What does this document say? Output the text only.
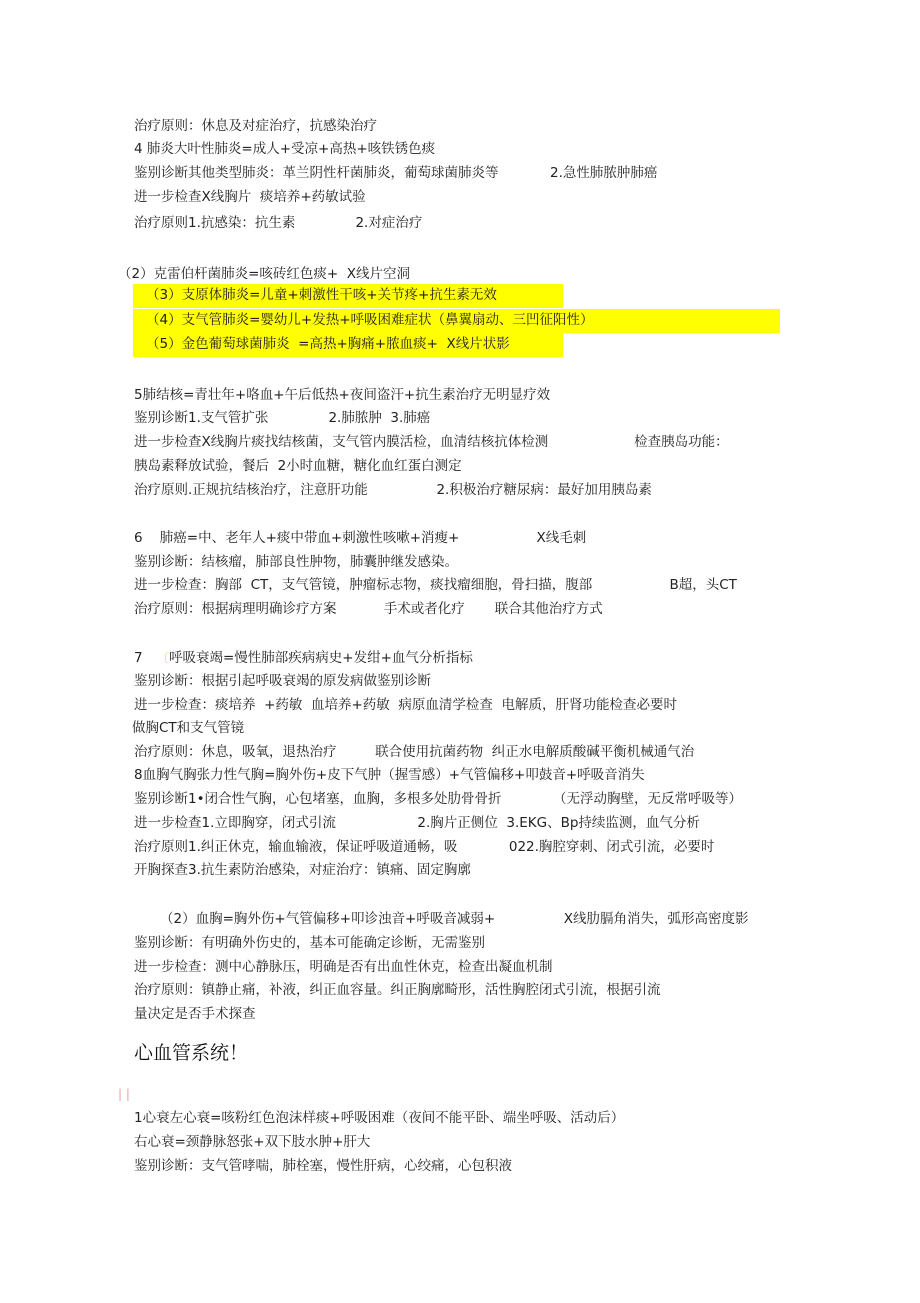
治疗原则：休息及对症治疗，抗感染治疗
4 肺炎大叶性肺炎=成人+受凉+高热+咳铁锈色痰
鉴别诊断其他类型肺炎：革兰阴性杆菌肺炎，葡萄球菌肺炎等            2.急性肺脓肿肺癌
进一步检查X线胸片  痰培养+药敏试验
治疗原则1.抗感染：抗生素              2.对症治疗
（2）克雷伯杆菌肺炎=咳砖红色痰+  X线片空洞
（3）支原体肺炎=儿童+刺激性干咳+关节疼+抗生素无效
（4）支气管肺炎=婴幼儿+发热+呼吸困难症状（鼻翼扇动、三凹征阳性）
（5）金色葡萄球菌肺炎  =高热+胸痛+脓血痰+  X线片状影
5肺结核=青壮年+咯血+午后低热+夜间盗汗+抗生素治疗无明显疗效
鉴别诊断1.支气管扩张              2.肺脓肿  3.肺癌
进一步检查X线胸片痰找结核菌，支气管内膜活检，血清结核抗体检测                    检查胰岛功能：
胰岛素释放试验，餐后  2小时血糖，糖化血红蛋白测定
治疗原则.正规抗结核治疗，注意肝功能                2.积极治疗糖尿病：最好加用胰岛素
6    肺癌=中、老年人+痰中带血+刺激性咳嗽+消瘦+                  X线毛刺
鉴别诊断：结核瘤，肺部良性肿物，肺囊肿继发感染。
进一步检查：胸部  CT，支气管镜，肿瘤标志物，痰找瘤细胞，骨扫描，腹部                  B超，头CT
治疗原则：根据病理明确诊疗方案           手术或者化疗       联合其他治疗方式
7 〔 呼吸衰竭=慢性肺部疾病病史+发绀+血气分析指标
鉴别诊断：根据引起呼吸衰竭的原发病做鉴别诊断
进一步检查：痰培养  +药敏  血培养+药敏  病原血清学检查  电解质，肝肾功能检查必要时
做胸CT和支气管镜
治疗原则：休息，吸氧，退热治疗         联合使用抗菌药物  纠正水电解质酸碱平衡机械通气治
8血胸气胸张力性气胸=胸外伤+皮下气肿（握雪感）+气管偏移+叩鼓音+呼吸音消失
鉴别诊断1•闭合性气胸，心包堵塞，血胸，多根多处肋骨骨折            （无浮动胸壁，无反常呼吸等）
进一步检查1.立即胸穿，闭式引流                   2.胸片正侧位  3.EKG、Bp持续监测，血气分析
治疗原则1.纠正休克，输血输液，保证呼吸道通畅，吸            022.胸腔穿刺、闭式引流，必要时
开胸探查3.抗生素防治感染，对症治疗：镇痛、固定胸廓
（2）血胸=胸外伤+气管偏移+叩诊浊音+呼吸音减弱+                X线肋膈角消失，弧形高密度影
鉴别诊断：有明确外伤史的，基本可能确定诊断，无需鉴别
进一步检查：测中心静脉压，明确是否有出血性休克，检查出凝血机制
治疗原则：镇静止痛，补液，纠正血容量。纠正胸廓畸形，活性胸腔闭式引流，根据引流
量决定是否手术探查
心血管系统！
| |
1心衰左心衰=咳粉红色泡沫样痰+呼吸困难（夜间不能平卧、端坐呼吸、活动后）
右心衰=颈静脉怒张+双下肢水肿+肝大
鉴别诊断：支气管哮喘，肺栓塞，慢性肝病，心绞痛，心包积液
